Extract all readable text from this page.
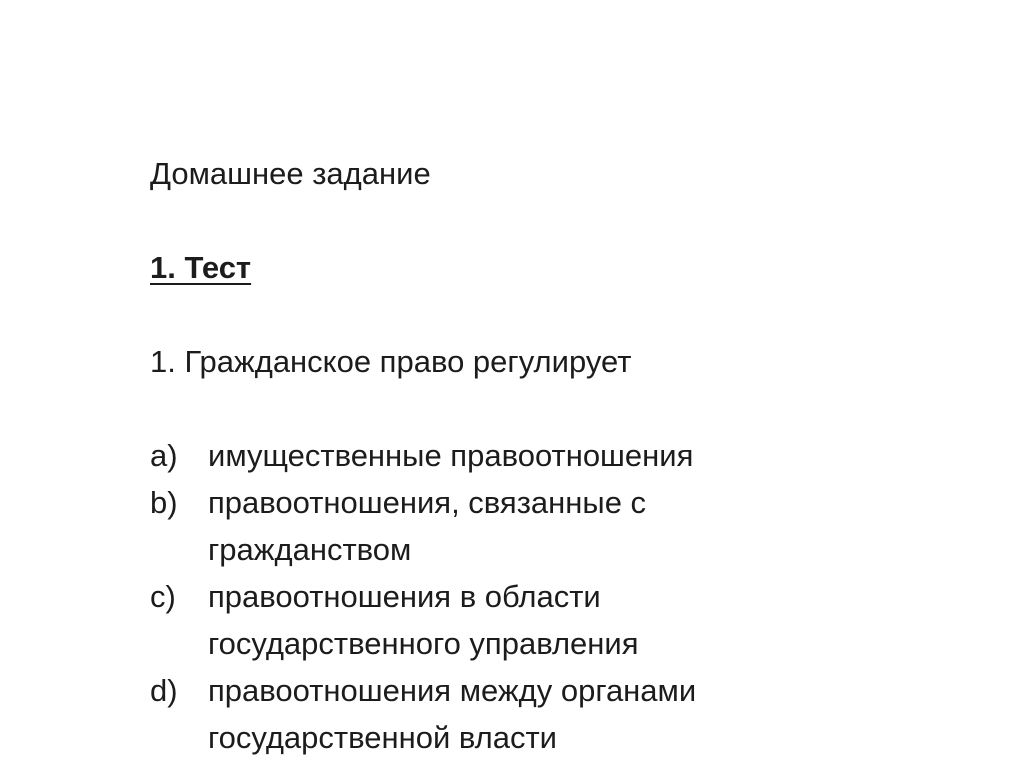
Домашнее задание

1. Тест

1. Гражданское право регулирует

a) имущественные правоотношения
b) правоотношения, связанные с гражданством
c)	правоотношения в области государственного управления
d) правоотношения между органами государственной власти
